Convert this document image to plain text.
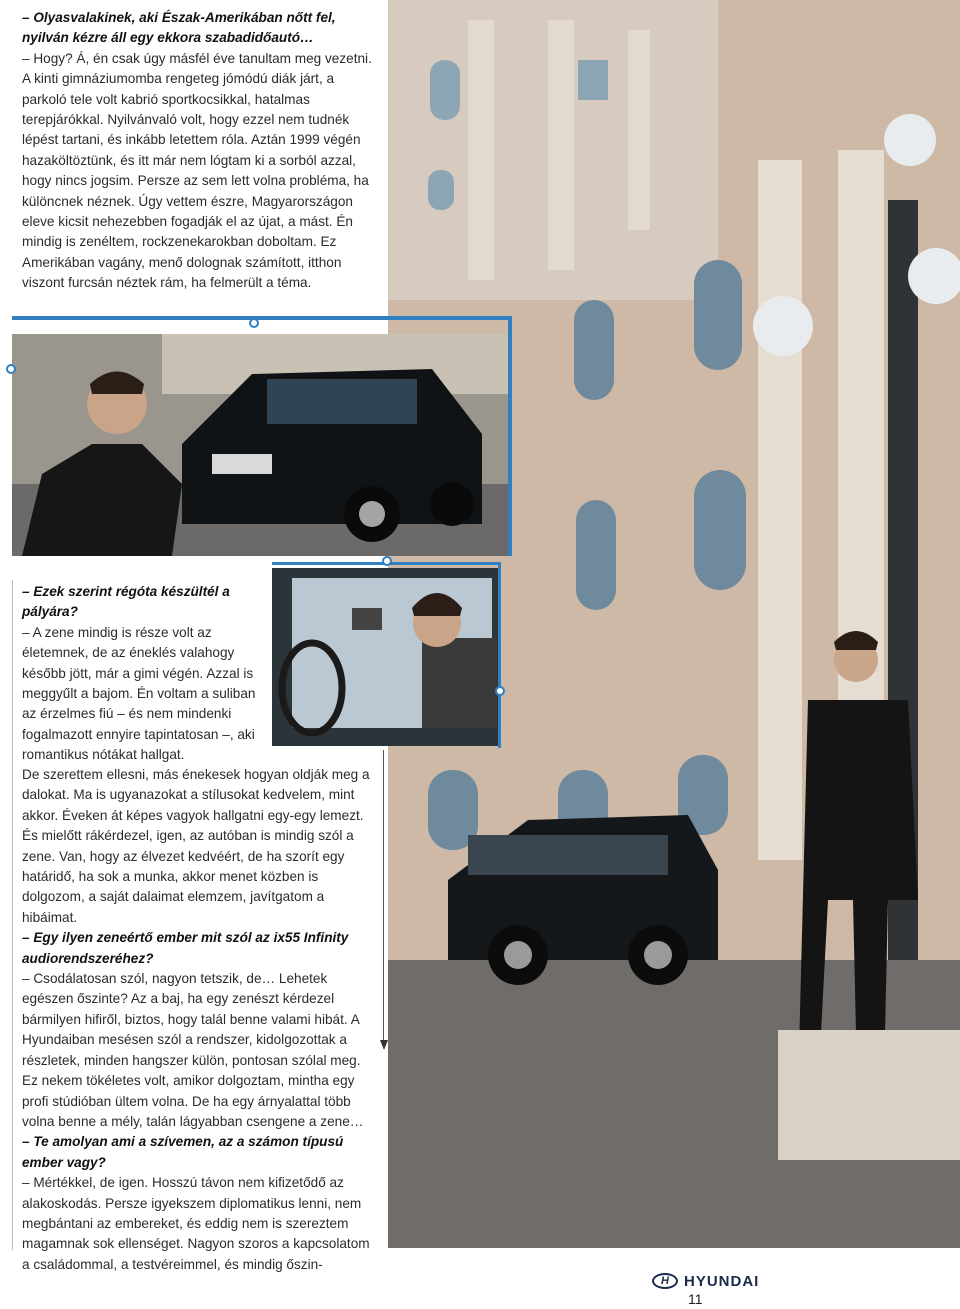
– Olyasvalakinek, aki Észak-Amerikában nőtt fel, nyilván kézre áll egy ekkora szabadidőautó…

– Hogy? Á, én csak úgy másfél éve tanultam meg vezetni. A kinti gimnáziumomba rengeteg jómódú diák járt, a parkoló tele volt kabrió sportkocsikkal, hatalmas terepjárókkal. Nyilvánvaló volt, hogy ezzel nem tudnék lépést tartani, és inkább letettem róla. Aztán 1999 végén hazaköltöztünk, és itt már nem lógtam ki a sorból azzal, hogy nincs jogsim. Persze az sem lett volna probléma, ha különcnek néznek. Úgy vettem észre, Magyarországon eleve kicsit nehezebben fogadják el az újat, a mást. Én mindig is zenéltem, rockzenekarokban doboltam. Ez Amerikában vagány, menő dolognak számított, itthon viszont furcsán néztek rám, ha felmerült a téma.

– Ezek szerint régóta készültél a pályára?

– A zene mindig is része volt az életemnek, de az éneklés valahogy később jött, már a gimi végén. Azzal is meggyűlt a bajom. Én voltam a suliban az érzelmes fiú – és nem mindenki fogalmazott ennyire tapintatosan –, aki romantikus nótákat hallgat.

De szerettem ellesni, más énekesek hogyan oldják meg a dalokat. Ma is ugyanazokat a stílusokat kedvelem, mint akkor. Éveken át képes vagyok hallgatni egy-egy lemezt. És mielőtt rákérdezel, igen, az autóban is mindig szól a zene. Van, hogy az élvezet kedvéért, de ha szorít egy határidő, ha sok a munka, akkor menet közben is dolgozom, a saját dalaimat elemzem, javítgatom a hibáimat.

– Egy ilyen zeneértő ember mit szól az ix55 Infinity audiorendszeréhez?

– Csodálatosan szól, nagyon tetszik, de… Lehetek egészen őszinte? Az a baj, ha egy zenészt kérdezel bármilyen hifiről, biztos, hogy talál benne valami hibát. A Hyundaiban mesésen szól a rendszer, kidolgozottak a részletek, minden hangszer külön, pontosan szólal meg. Ez nekem tökéletes volt, amikor dolgoztam, mintha egy profi stúdióban ültem volna. De ha egy árnyalattal több volna benne a mély, talán lágyabban csengene a zene…

– Te amolyan ami a szívemen, az a számon típusú ember vagy?

– Mértékkel, de igen. Hosszú távon nem kifizetődő az alakoskodás. Persze igyekszem diplomatikus lenni, nem megbántani az embereket, és eddig nem is szereztem magamnak sok ellenséget. Nagyon szoros a kapcsolatom a családommal, a testvéreimmel, és mindig őszin-

H	HYUNDAI
11
